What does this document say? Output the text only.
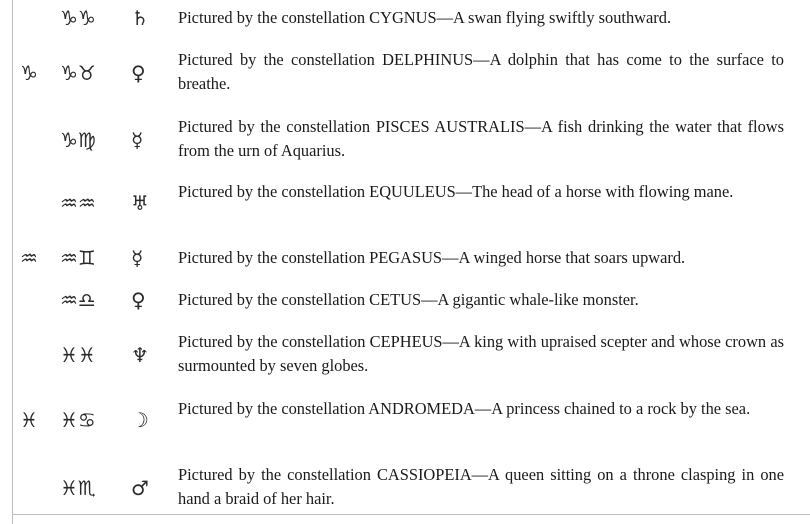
♑♑ ♄ Pictured by the constellation CYGNUS—A swan flying swiftly southward.
♑ ♑♉ ♀
Pictured by the constellation DELPHINUS—A dolphin that has come to the surface to breathe.
♑♍ ☿
Pictured by the constellation PISCES AUSTRALIS—A fish drinking the water that flows from the urn of Aquarius.
♒♒ ♅ Pictured by the constellation EQUULEUS—The head of a horse with flowing mane.
♒ ♒♊ ☿ Pictured by the constellation PEGASUS—A winged horse that soars upward.
♒♎ ♀ Pictured by the constellation CETUS—A gigantic whale-like monster.
♓♓ ♆
Pictured by the constellation CEPHEUS—A king with upraised scepter and whose crown as surmounted by seven globes.
♓ ♓♋ ☽ Pictured by the constellation ANDROMEDA—A princess chained to a rock by the sea.
♓♏ ♂
Pictured by the constellation CASSIOPEIA—A queen sitting on a throne clasping in one hand a braid of her hair.
